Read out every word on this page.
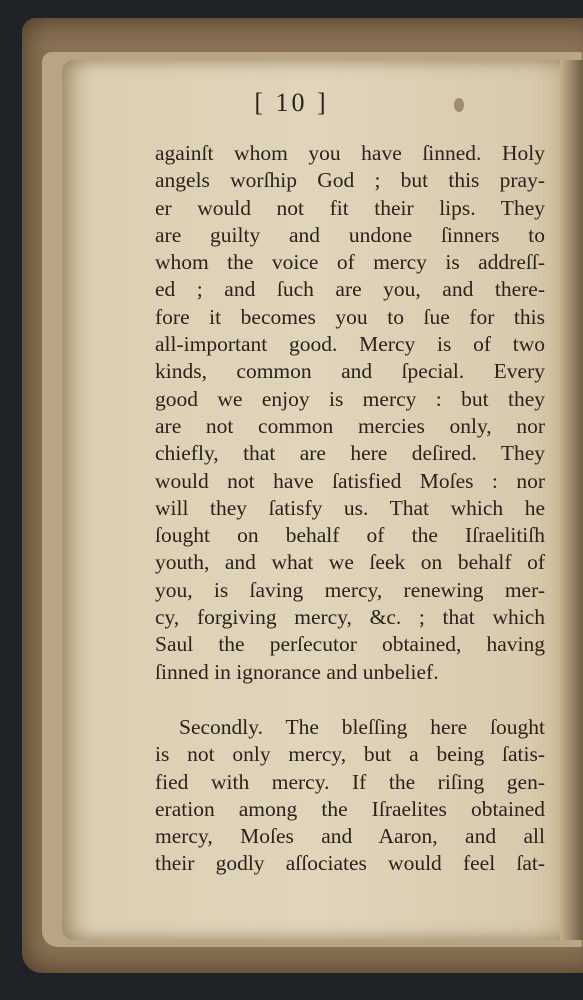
[ 10 ]
againſt whom you have ſinned. Holy
angels worſhip God ; but this pray-
er would not fit their lips. They
are guilty and undone ſinners to
whom the voice of mercy is addreſſ-
ed ; and ſuch are you, and there-
fore it becomes you to ſue for this
all-important good. Mercy is of two
kinds, common and ſpecial. Every
good we enjoy is mercy : but they
are not common mercies only, nor
chiefly, that are here deſired. They
would not have ſatisfied Moſes : nor
will they ſatisfy us. That which he
ſought on behalf of the Iſraelitiſh
youth, and what we ſeek on behalf of
you, is ſaving mercy, renewing mer-
cy, forgiving mercy, &c. ; that which
Saul the perſecutor obtained, having
ſinned in ignorance and unbelief.
Secondly. The bleſſing here ſought
is not only mercy, but a being ſatis-
fied with mercy. If the riſing gen-
eration among the Iſraelites obtained
mercy, Moſes and Aaron, and all
their godly aſſociates would feel ſat-
